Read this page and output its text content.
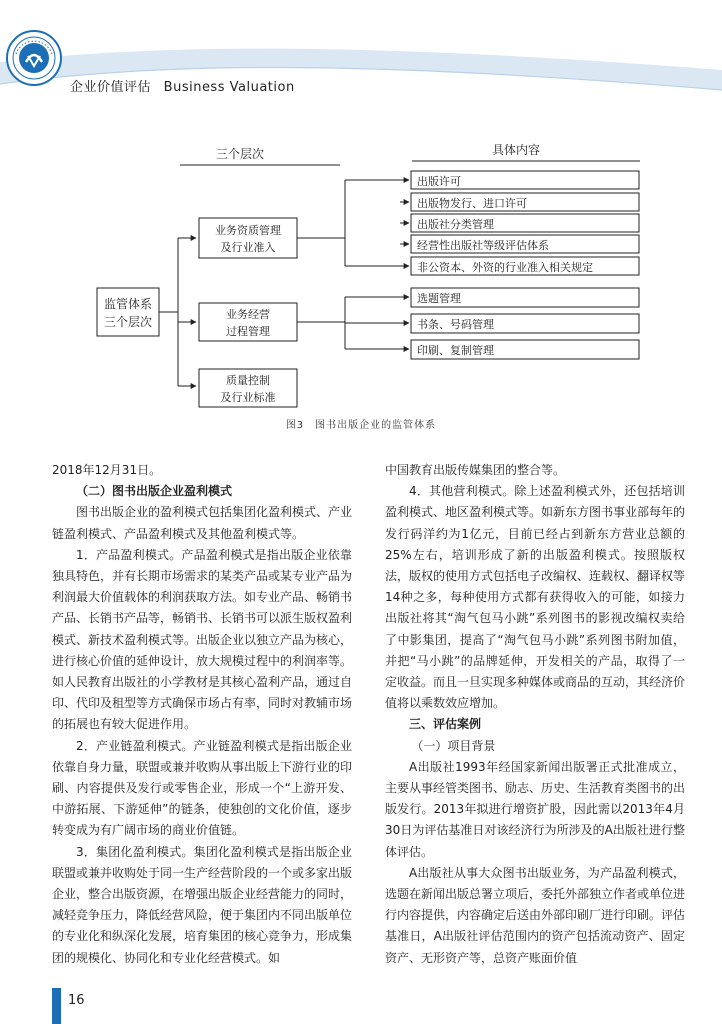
企业价值评估 Business Valuation
三个层次	具体内容
监管体系
三个层次
业务资质管理
及行业准入
业务经营
过程管理
质量控制
及行业标准
出版许可
出版物发行、进口许可
出版社分类管理
经营性出版社等级评估体系
非公资本、外资的行业准入相关规定
选题管理
书条、号码管理
印刷、复制管理
图3　图书出版企业的监管体系

2018年12月31日。

（二）图书出版企业盈利模式

图书出版企业的盈利模式包括集团化盈利模式、产业链盈利模式、产品盈利模式及其他盈利模式等。

1．产品盈利模式。产品盈利模式是指出版企业依靠独具特色，并有长期市场需求的某类产品或某专业产品为利润最大价值载体的利润获取方法。如专业产品、畅销书产品、长销书产品等，畅销书、长销书可以派生版权盈利模式、新技术盈利模式等。出版企业以独立产品为核心，进行核心价值的延伸设计，放大规模过程中的利润率等。如人民教育出版社的小学教材是其核心盈利产品，通过自印、代印及租型等方式确保市场占有率，同时对教辅市场的拓展也有较大促进作用。

2．产业链盈利模式。产业链盈利模式是指出版企业依靠自身力量，联盟或兼并收购从事出版上下游行业的印刷、内容提供及发行或零售企业，形成一个“上游开发、中游拓展、下游延伸”的链条，使独创的文化价值，逐步转变成为有广阔市场的商业价值链。

3．集团化盈利模式。集团化盈利模式是指出版企业联盟或兼并收购处于同一生产经营阶段的一个或多家出版企业，整合出版资源，在增强出版企业经营能力的同时，减轻竞争压力，降低经营风险，便于集团内不同出版单位的专业化和纵深化发展，培育集团的核心竞争力，形成集团的规模化、协同化和专业化经营模式。如

中国教育出版传媒集团的整合等。

4．其他营利模式。除上述盈利模式外，还包括培训盈利模式、地区盈利模式等。如新东方图书事业部每年的发行码洋约为1亿元，目前已经占到新东方营业总额的25%左右，培训形成了新的出版盈利模式。按照版权法，版权的使用方式包括电子改编权、连载权、翻译权等14种之多，每种使用方式都有获得收入的可能，如接力出版社将其“淘气包马小跳”系列图书的影视改编权卖给了中影集团，提高了“淘气包马小跳”系列图书附加值，并把“马小跳”的品牌延伸，开发相关的产品，取得了一定收益。而且一旦实现多种媒体或商品的互动，其经济价值将以乘数效应增加。

三、评估案例

（一）项目背景

A出版社1993年经国家新闻出版署正式批准成立，主要从事经管类图书、励志、历史、生活教育类图书的出版发行。2013年拟进行增资扩股，因此需以2013年4月30日为评估基准日对该经济行为所涉及的A出版社进行整体评估。

A出版社从事大众图书出版业务，为产品盈利模式，选题在新闻出版总署立项后，委托外部独立作者或单位进行内容提供，内容确定后送由外部印刷厂进行印刷。评估基准日，A出版社评估范围内的资产包括流动资产、固定资产、无形资产等，总资产账面价值

16
